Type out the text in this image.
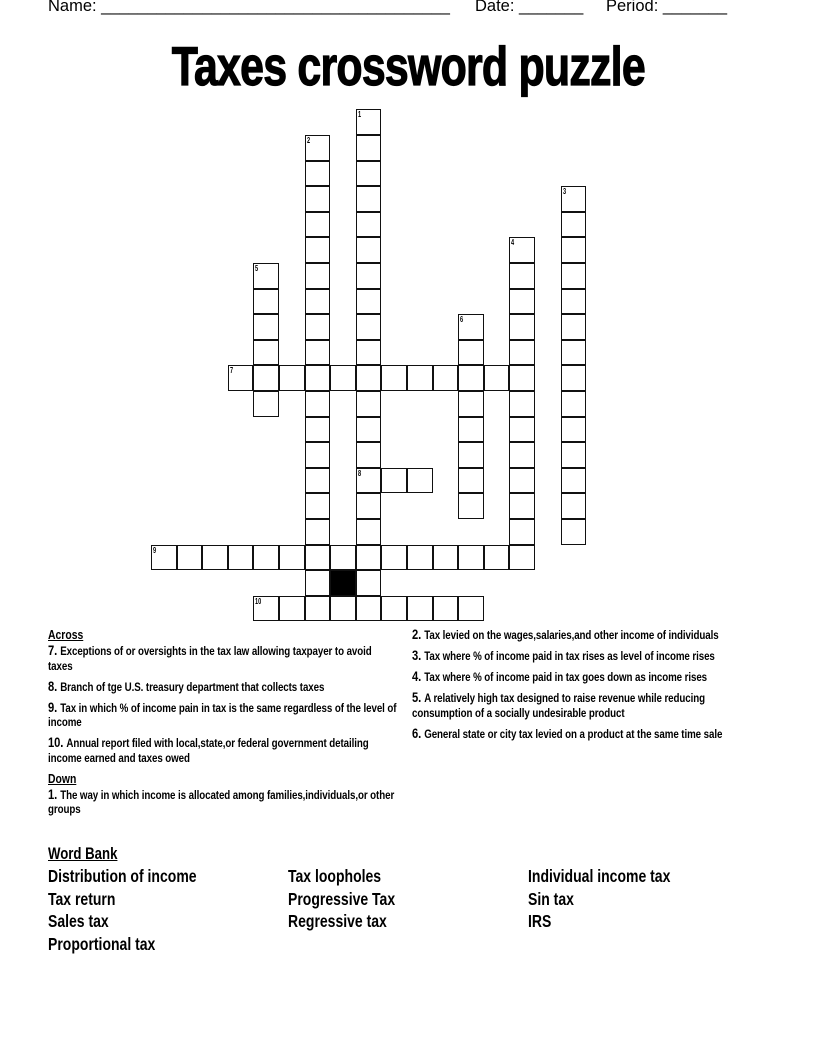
Name: ______________________________________

Date: _______

Period: _______

Taxes crossword puzzle
1
8
2
3
4
5
6
7
9
10
Across
7. Exceptions of or oversights in the tax law allowing taxpayer to avoid taxes
8. Branch of tge U.S. treasury department that collects taxes
9. Tax in which % of income pain in tax is the same regardless of the level of income
10. Annual report filed with local,state,or federal government detailing income earned and taxes owed
Down
1. The way in which income is allocated among families,individuals,or other groups
2. Tax levied on the wages,salaries,and other income of individuals
3. Tax where % of income paid in tax rises as level of income rises
4. Tax where % of income paid in tax goes down as income rises
5. A relatively high tax designed to raise revenue while reducing consumption of a socially undesirable product
6. General state or city tax levied on a product at the same time sale
Word Bank
Distribution of income
Tax return
Sales tax
Proportional tax
Tax loopholes
Progressive Tax
Regressive tax
Individual income tax
Sin tax
IRS
